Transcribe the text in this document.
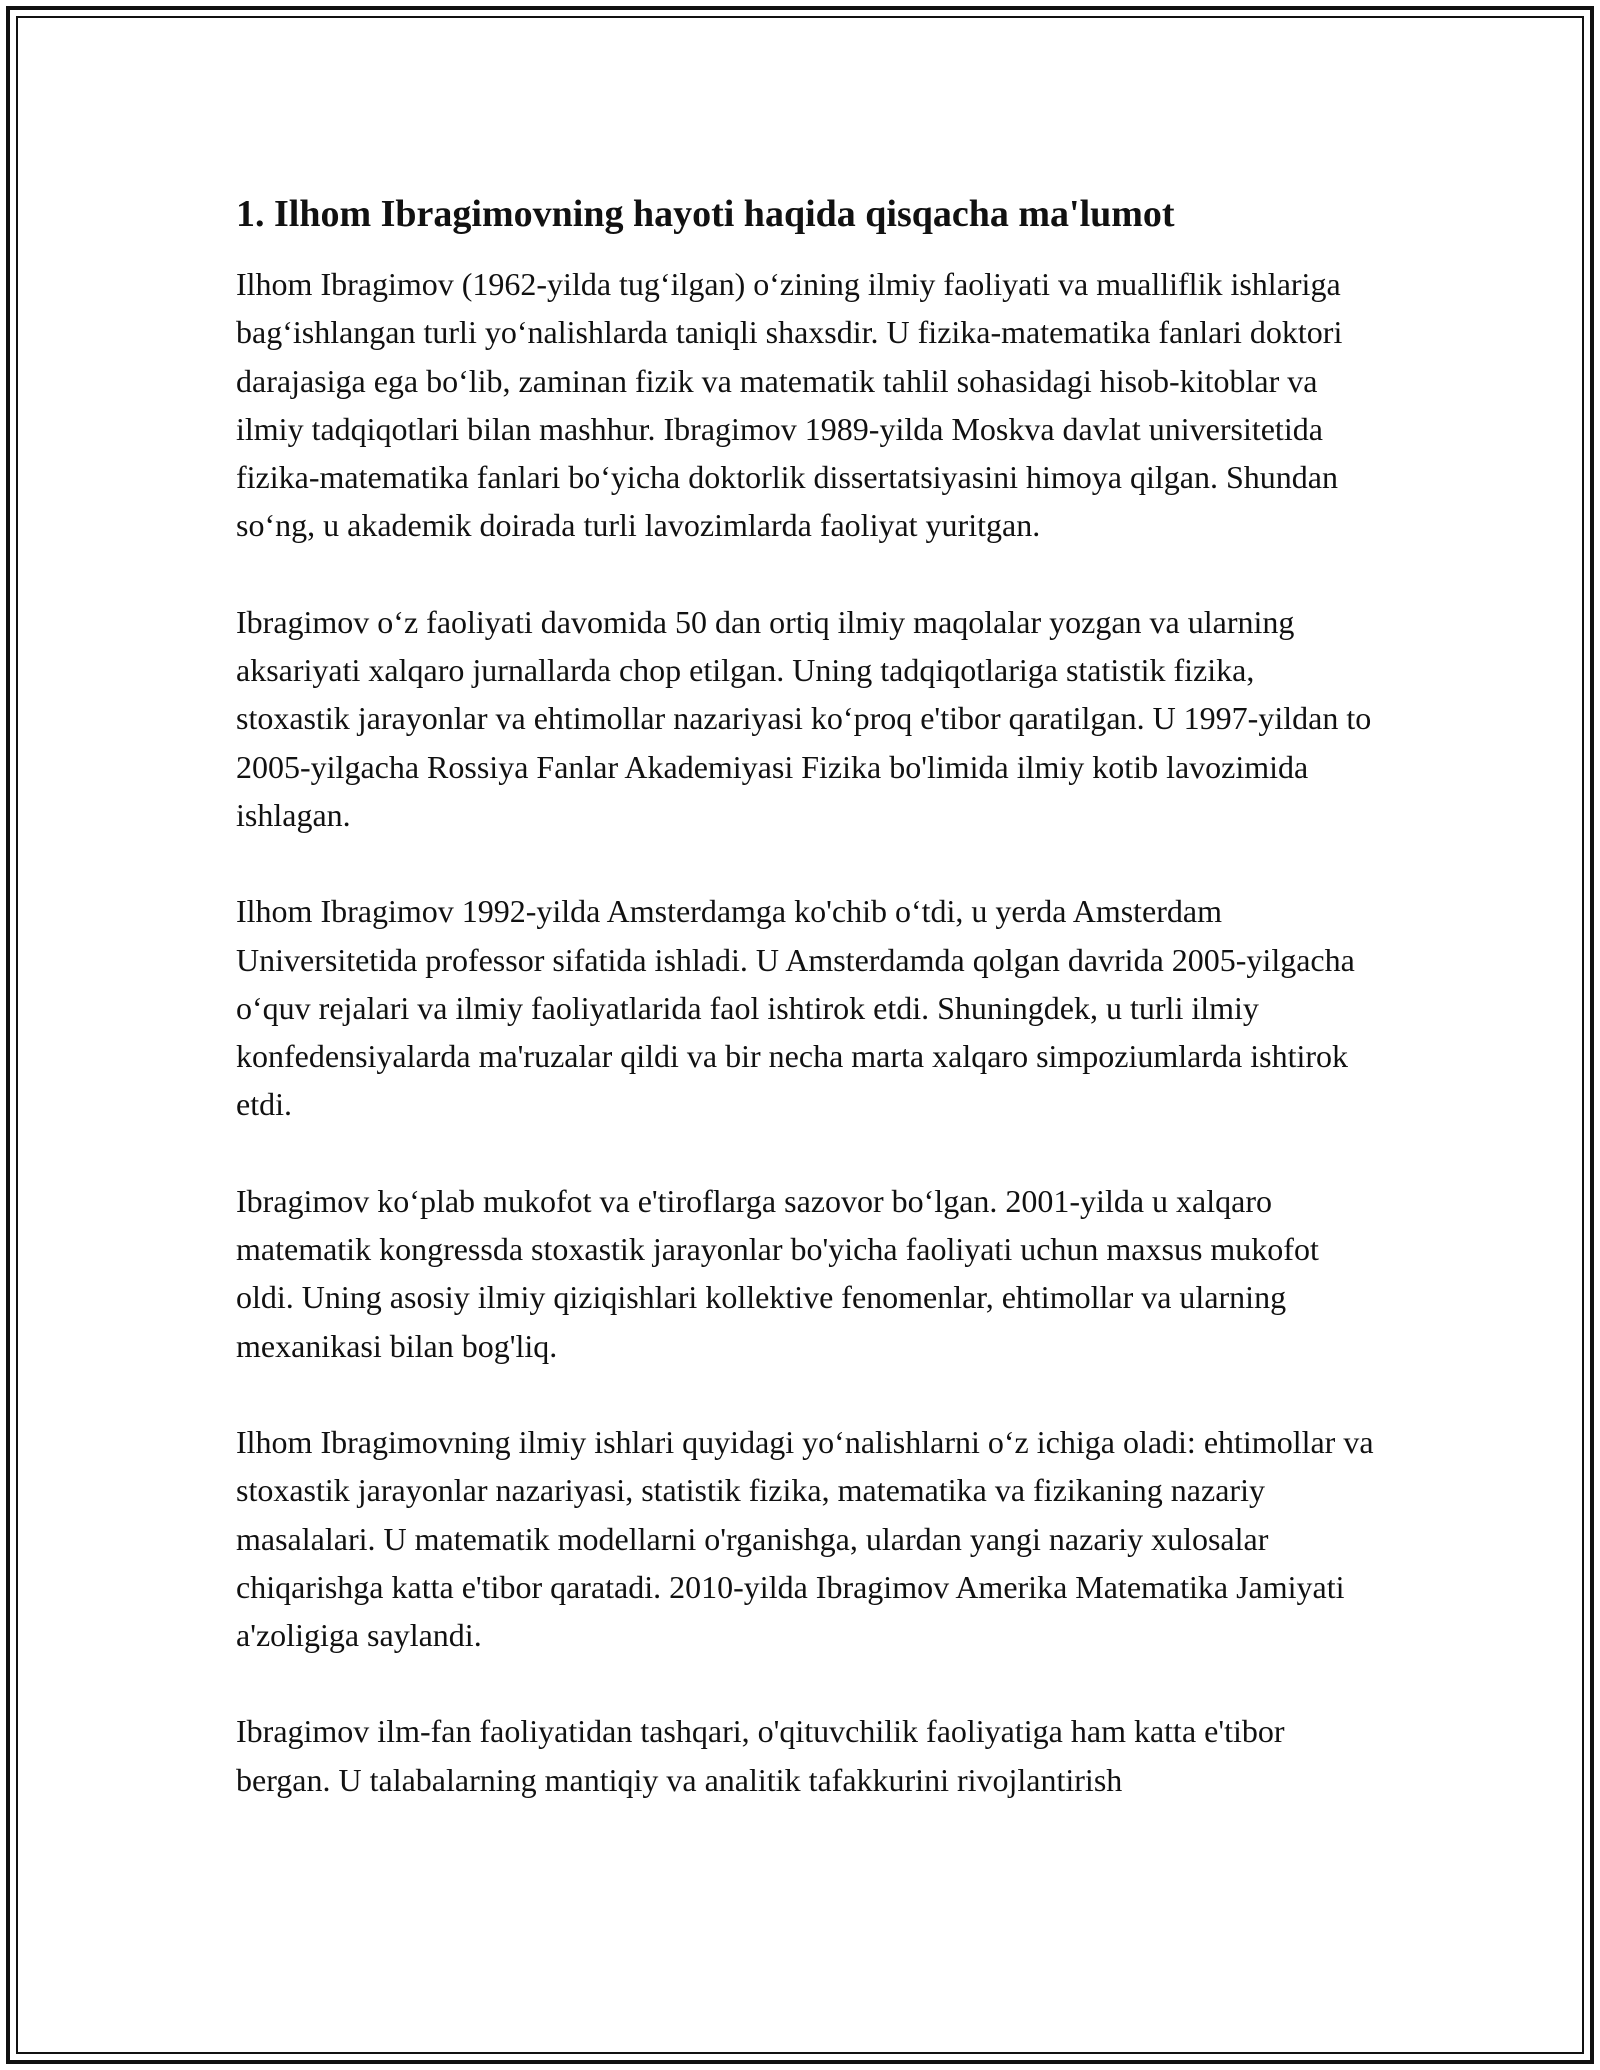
1. Ilhom Ibragimovning hayoti haqida qisqacha ma'lumot

Ilhom Ibragimov (1962-yilda tug‘ilgan) o‘zining ilmiy faoliyati va mualliflik ishlariga bag‘ishlangan turli yo‘nalishlarda taniqli shaxsdir. U fizika-matematika fanlari doktori darajasiga ega bo‘lib, zaminan fizik va matematik tahlil sohasidagi hisob-kitoblar va ilmiy tadqiqotlari bilan mashhur. Ibragimov 1989-yilda Moskva davlat universitetida fizika-matematika fanlari bo‘yicha doktorlik dissertatsiyasini himoya qilgan. Shundan so‘ng, u akademik doirada turli lavozimlarda faoliyat yuritgan.

Ibragimov o‘z faoliyati davomida 50 dan ortiq ilmiy maqolalar yozgan va ularning aksariyati xalqaro jurnallarda chop etilgan. Uning tadqiqotlariga statistik fizika, stoxastik jarayonlar va ehtimollar nazariyasi ko‘proq e'tibor qaratilgan. U 1997-yildan to 2005-yilgacha Rossiya Fanlar Akademiyasi Fizika bo'limida ilmiy kotib lavozimida ishlagan.

Ilhom Ibragimov 1992-yilda Amsterdamga ko'chib o‘tdi, u yerda Amsterdam Universitetida professor sifatida ishladi. U Amsterdamda qolgan davrida 2005-yilgacha o‘quv rejalari va ilmiy faoliyatlarida faol ishtirok etdi. Shuningdek, u turli ilmiy konfedensiyalarda ma'ruzalar qildi va bir necha marta xalqaro simpoziumlarda ishtirok etdi.

Ibragimov ko‘plab mukofot va e'tiroflarga sazovor bo‘lgan. 2001-yilda u xalqaro matematik kongressda stoxastik jarayonlar bo'yicha faoliyati uchun maxsus mukofot oldi. Uning asosiy ilmiy qiziqishlari kollektive fenomenlar, ehtimollar va ularning mexanikasi bilan bog'liq.

Ilhom Ibragimovning ilmiy ishlari quyidagi yo‘nalishlarni o‘z ichiga oladi: ehtimollar va stoxastik jarayonlar nazariyasi, statistik fizika, matematika va fizikaning nazariy masalalari. U matematik modellarni o'rganishga, ulardan yangi nazariy xulosalar chiqarishga katta e'tibor qaratadi. 2010-yilda Ibragimov Amerika Matematika Jamiyati a'zoligiga saylandi.

Ibragimov ilm-fan faoliyatidan tashqari, o'qituvchilik faoliyatiga ham katta e'tibor bergan. U talabalarning mantiqiy va analitik tafakkurini rivojlantirish
